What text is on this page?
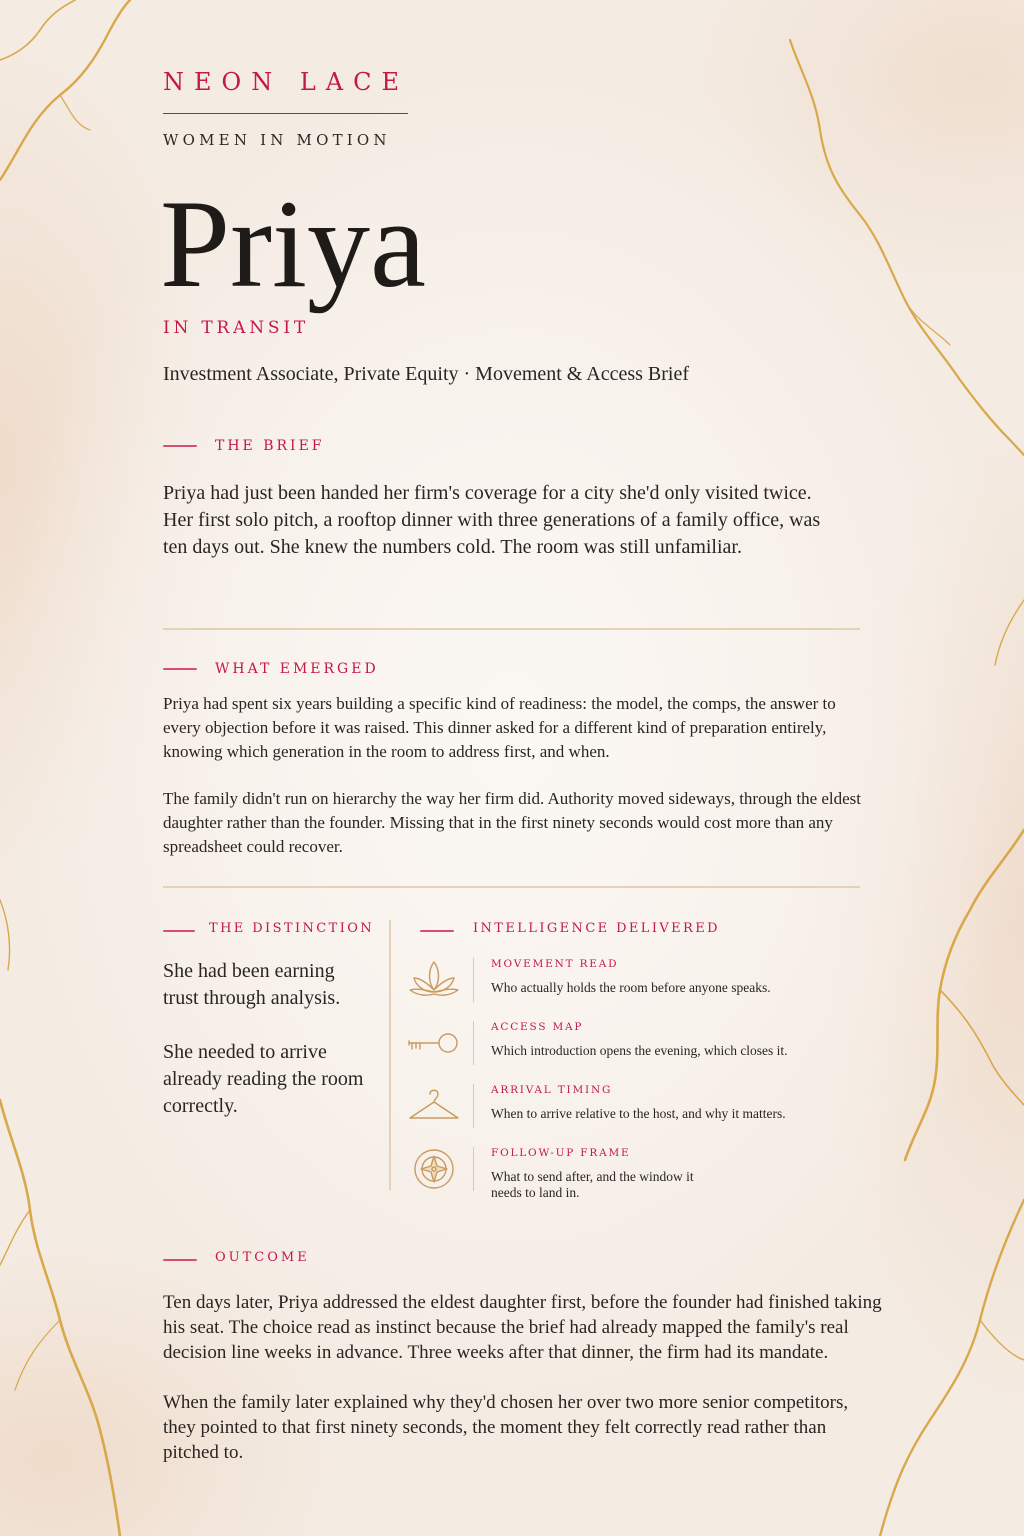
NEON LACE
WOMEN IN MOTION
Priya
IN TRANSIT
Investment Associate, Private Equity · Movement & Access Brief
THE BRIEF
Priya had just been handed her firm's coverage for a city she'd only visited twice. Her first solo pitch, a rooftop dinner with three generations of a family office, was ten days out. She knew the numbers cold. The room was still unfamiliar.
WHAT EMERGED

Priya had spent six years building a specific kind of readiness: the model, the comps, the answer to every objection before it was raised. This dinner asked for a different kind of preparation entirely, knowing which generation in the room to address first, and when.

The family didn't run on hierarchy the way her firm did. Authority moved sideways, through the eldest daughter rather than the founder. Missing that in the first ninety seconds would cost more than any spreadsheet could recover.

THE DISTINCTION

She had been earning trust through analysis.

She needed to arrive already reading the room correctly.

INTELLIGENCE DELIVERED
MOVEMENT READ
Who actually holds the room before anyone speaks.
ACCESS MAP
Which introduction opens the evening, which closes it.
ARRIVAL TIMING
When to arrive relative to the host, and why it matters.
FOLLOW-UP FRAME
What to send after, and the window it needs to land in.
OUTCOME

Ten days later, Priya addressed the eldest daughter first, before the founder had finished taking his seat. The choice read as instinct because the brief had already mapped the family's real decision line weeks in advance. Three weeks after that dinner, the firm had its mandate.

When the family later explained why they'd chosen her over two more senior competitors, they pointed to that first ninety seconds, the moment they felt correctly read rather than pitched to.
